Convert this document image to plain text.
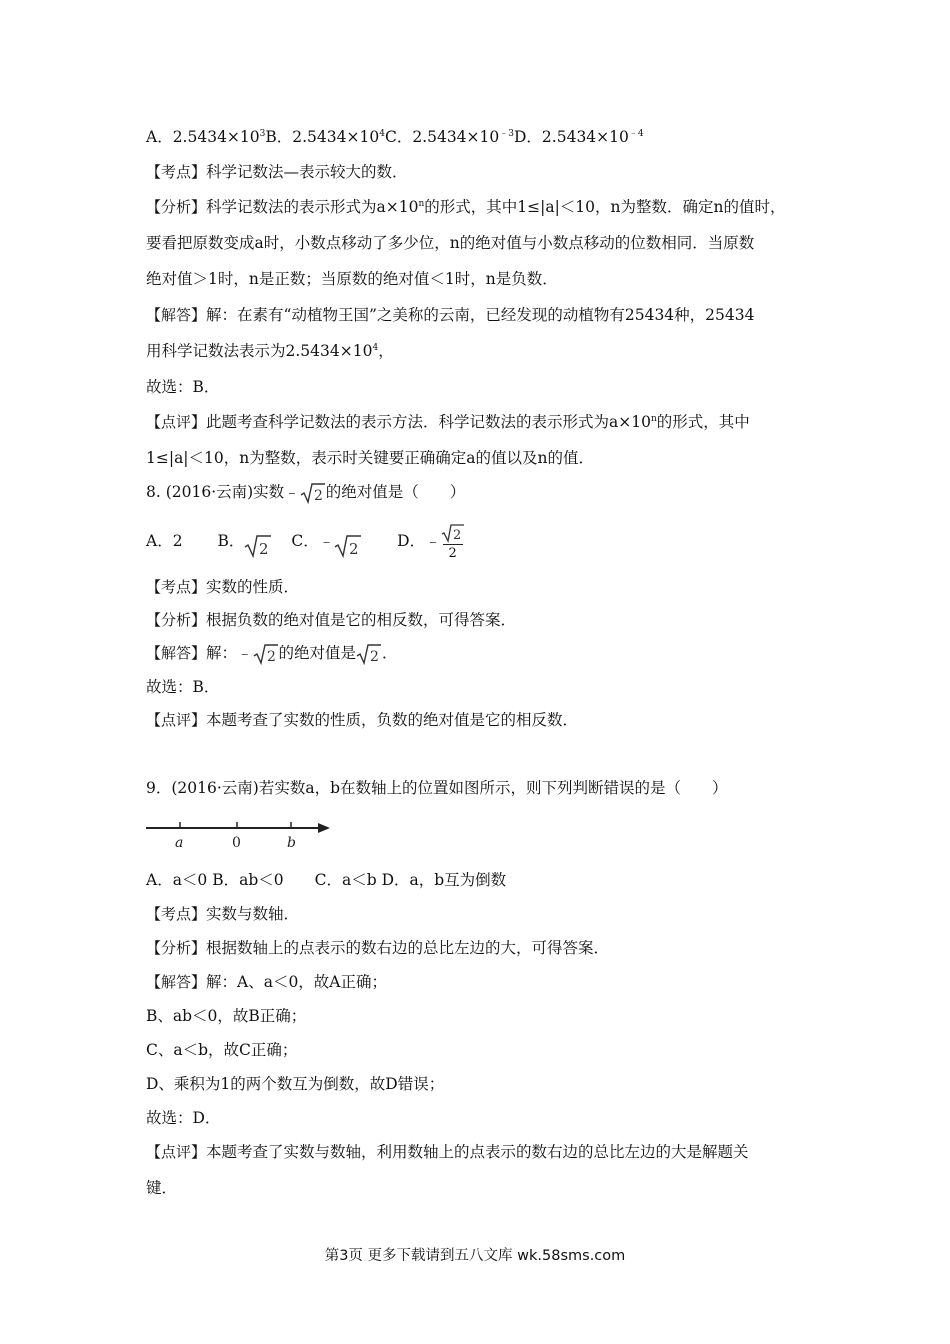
A．$2.5434\times 10^3B$．$2.5434\times 10^4C$．$2.5434\times 10^{﹣3}D$．$2.5434\times 10^{﹣4}$

【考点】科学记数法—表示较大的数．

【分析】科学记数法的表示形式为$a\times 10^n$的形式，其中1≤|a|＜10，n为整数．确定n的值时，

要看把原数变成a时，小数点移动了多少位，n的绝对值与小数点移动的位数相同．当原数

绝对值＞1时，n是正数；当原数的绝对值＜1时，n是负数．

【解答】解：在素有“动植物王国”之美称的云南，已经发现的动植物有25434种，25434

用科学记数法表示为$2.5434\times 10^4$，

故选：B．

【点评】此题考查科学记数法的表示方法．科学记数法的表示形式为$a\times 10^n$的形式，其中

1≤|a|＜10，n为整数，表示时关键要正确确定a的值以及n的值．

8. (2016·云南)实数﹣ 2 的绝对值是（　　）

A．2 B． 2 C．﹣ 2 D．﹣ $\frac{2}{2}$

【考点】实数的性质．

【分析】根据负数的绝对值是它的相反数，可得答案．

【解答】解：﹣ 2 的绝对值是 2 ．

故选：B．

【点评】本题考查了实数的性质，负数的绝对值是它的相反数．

9．(2016·云南)若实数a，b在数轴上的位置如图所示，则下列判断错误的是（　　）

a	0	b

A．a＜0 B．ab＜0　　C．a＜b D．a，b互为倒数

【考点】实数与数轴．

【分析】根据数轴上的点表示的数右边的总比左边的大，可得答案．

【解答】解：A、a＜0，故A正确；

B、ab＜0，故B正确；

C、a＜b，故C正确；

D、乘积为1的两个数互为倒数，故D错误；

故选：D．

【点评】本题考查了实数与数轴，利用数轴上的点表示的数右边的总比左边的大是解题关

键．

第3页 更多下载请到五八文库 wk.58sms.com
